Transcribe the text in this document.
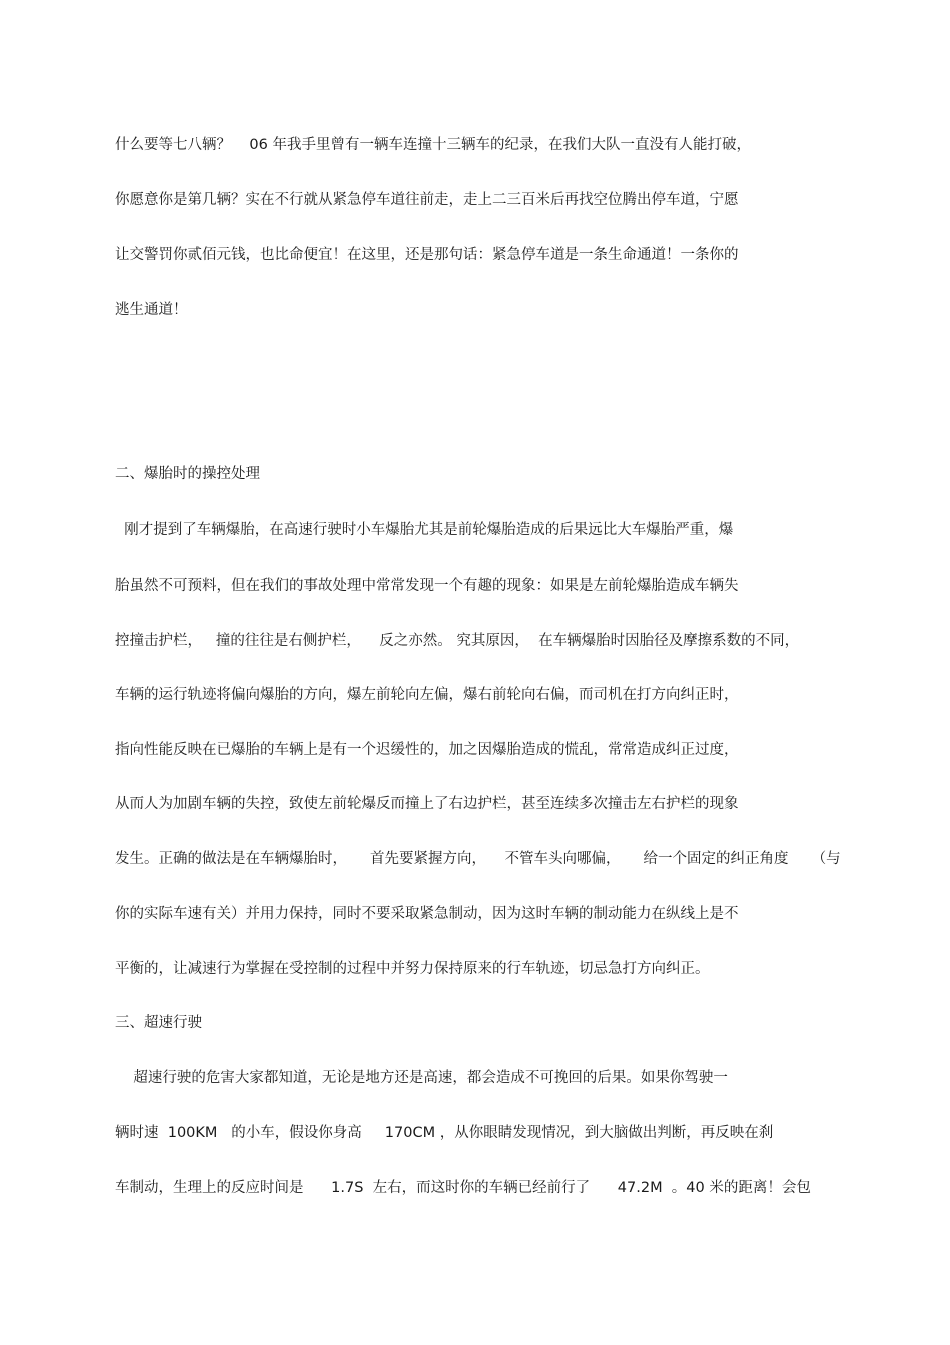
什么要等七八辆？    06 年我手里曾有一辆车连撞十三辆车的纪录，在我们大队一直没有人能打破，
你愿意你是第几辆？实在不行就从紧急停车道往前走，走上二三百米后再找空位腾出停车道，宁愿
让交警罚你贰佰元钱，也比命便宜！在这里，还是那句话：紧急停车道是一条生命通道！一条你的
逃生通道！
二、爆胎时的操控处理
刚才提到了车辆爆胎，在高速行驶时小车爆胎尤其是前轮爆胎造成的后果远比大车爆胎严重，爆
胎虽然不可预料，但在我们的事故处理中常常发现一个有趣的现象：如果是左前轮爆胎造成车辆失
控撞击护栏，   撞的往往是右侧护栏，    反之亦然。 究其原因，  在车辆爆胎时因胎径及摩擦系数的不同，
车辆的运行轨迹将偏向爆胎的方向，爆左前轮向左偏，爆右前轮向右偏，而司机在打方向纠正时，
指向性能反映在已爆胎的车辆上是有一个迟缓性的，加之因爆胎造成的慌乱，常常造成纠正过度，
从而人为加剧车辆的失控，致使左前轮爆反而撞上了右边护栏，甚至连续多次撞击左右护栏的现象
发生。正确的做法是在车辆爆胎时，     首先要紧握方向，    不管车头向哪偏，     给一个固定的纠正角度     （与
你的实际车速有关）并用力保持，同时不要采取紧急制动，因为这时车辆的制动能力在纵线上是不
平衡的，让减速行为掌握在受控制的过程中并努力保持原来的行车轨迹，切忌急打方向纠正。
三、超速行驶
超速行驶的危害大家都知道，无论是地方还是高速，都会造成不可挽回的后果。如果你驾驶一
辆时速  100KM   的小车，假设你身高     170CM ，从你眼睛发现情况，到大脑做出判断，再反映在刹
车制动，生理上的反应时间是      1.7S  左右，而这时你的车辆已经前行了      47.2M  。40 米的距离！会包
